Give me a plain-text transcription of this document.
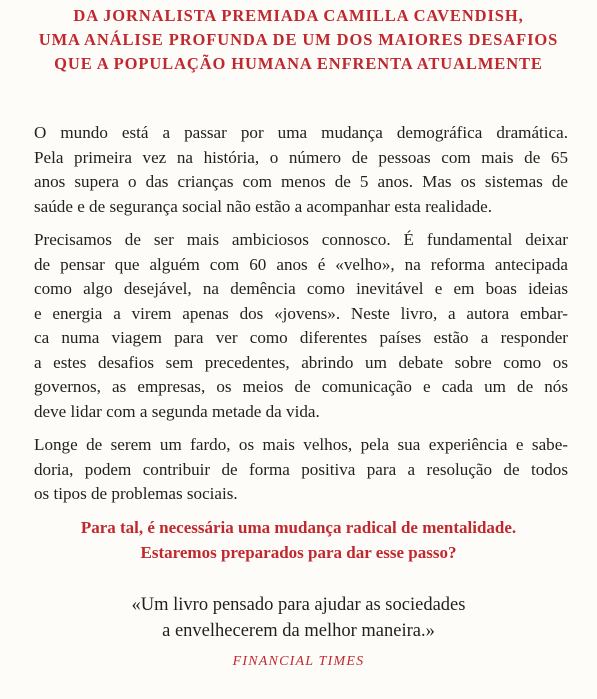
DA JORNALISTA PREMIADA CAMILLA CAVENDISH,
UMA ANÁLISE PROFUNDA DE UM DOS MAIORES DESAFIOS
QUE A POPULAÇÃO HUMANA ENFRENTA ATUALMENTE

O mundo está a passar por uma mudança demográfica dramática.
Pela primeira vez na história, o número de pessoas com mais de 65
anos supera o das crianças com menos de 5 anos. Mas os sistemas de
saúde e de segurança social não estão a acompanhar esta realidade.

Precisamos de ser mais ambiciosos connosco. É fundamental deixar
de pensar que alguém com 60 anos é «velho», na reforma antecipada
como algo desejável, na demência como inevitável e em boas ideias
e energia a virem apenas dos «jovens». Neste livro, a autora embar-
ca numa viagem para ver como diferentes países estão a responder
a estes desafios sem precedentes, abrindo um debate sobre como os
governos, as empresas, os meios de comunicação e cada um de nós
deve lidar com a segunda metade da vida.

Longe de serem um fardo, os mais velhos, pela sua experiência e sabe-
doria, podem contribuir de forma positiva para a resolução de todos
os tipos de problemas sociais.

Para tal, é necessária uma mudança radical de mentalidade.
Estaremos preparados para dar esse passo?
«Um livro pensado para ajudar as sociedades
a envelhecerem da melhor maneira.»
FINANCIAL TIMES
